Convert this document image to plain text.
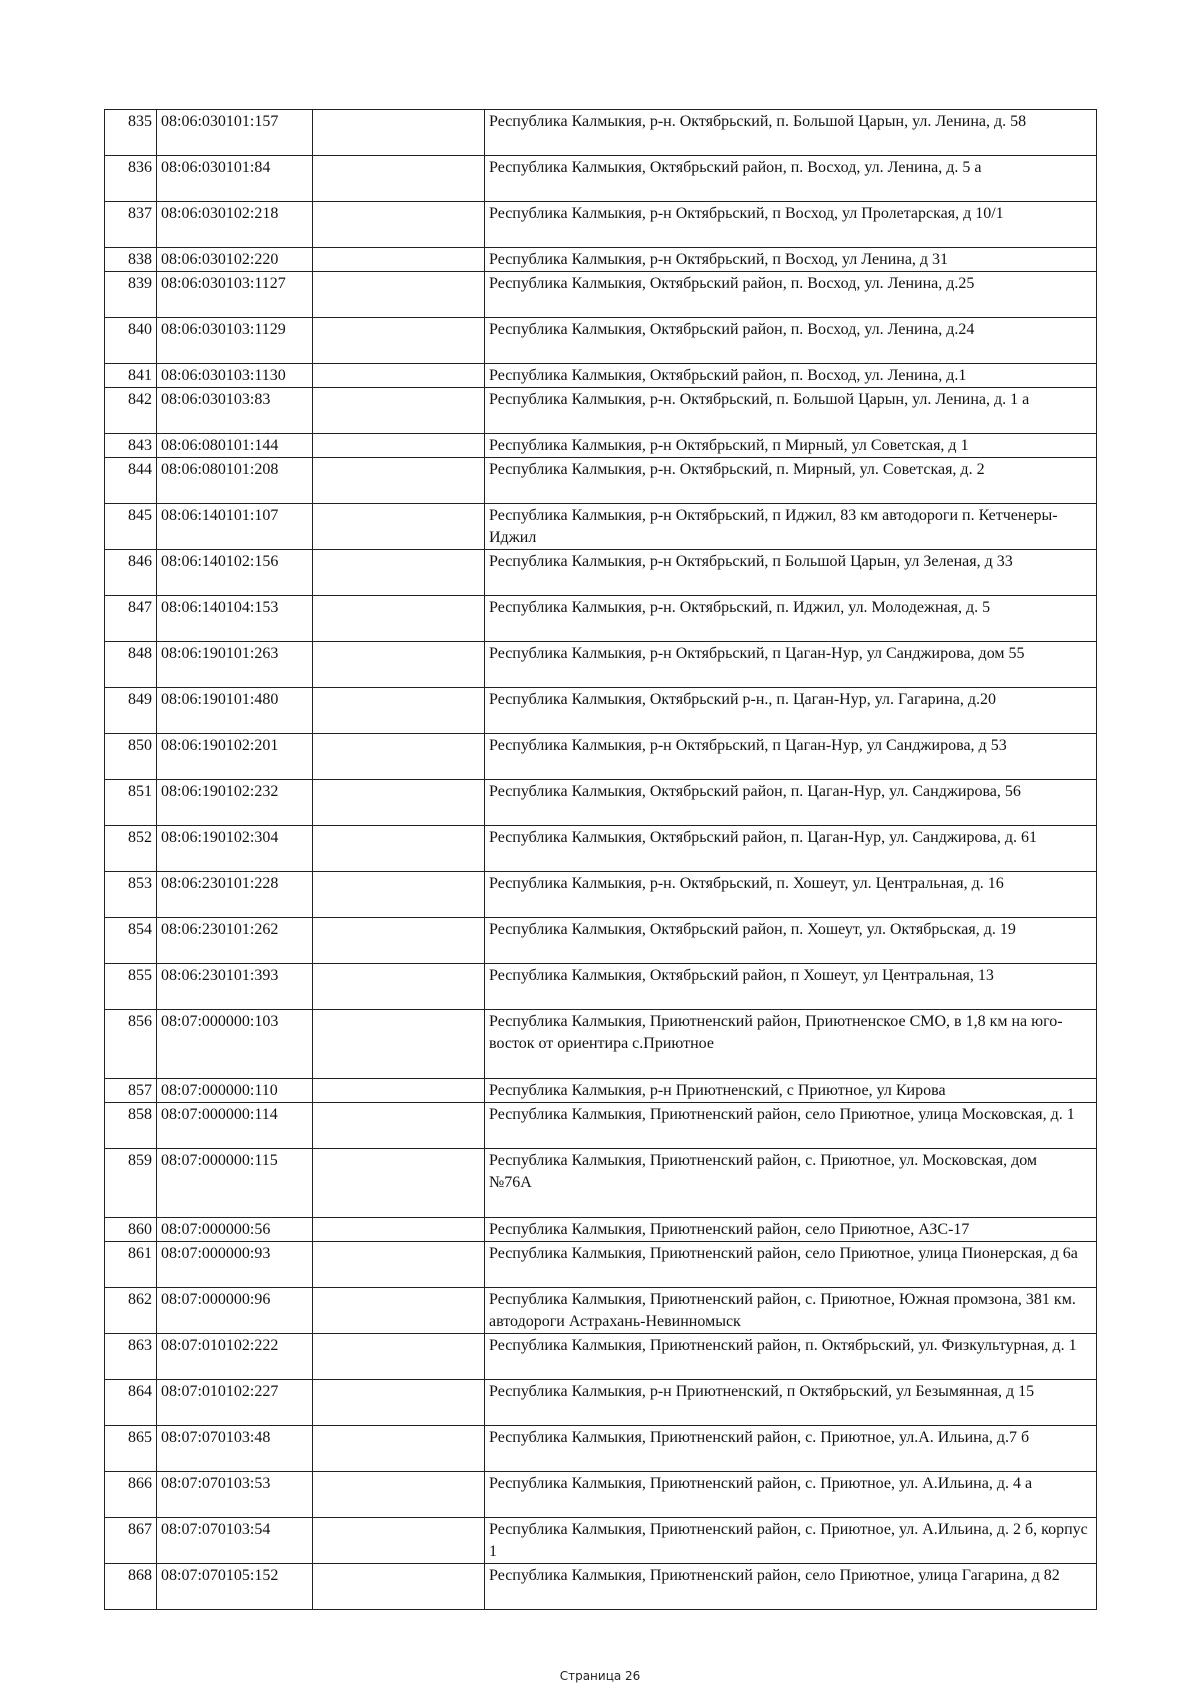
835	08:06:030101:157		Республика Калмыкия, р-н. Октябрьский, п. Большой Царын, ул. Ленина, д. 58
836	08:06:030101:84		Республика Калмыкия, Октябрьский район, п. Восход, ул. Ленина, д. 5 а
837	08:06:030102:218		Республика Калмыкия, р-н Октябрьский, п Восход, ул Пролетарская, д 10/1
838	08:06:030102:220		Республика Калмыкия, р-н Октябрьский, п Восход, ул Ленина, д 31
839	08:06:030103:1127		Республика Калмыкия, Октябрьский район, п. Восход, ул. Ленина, д.25
840	08:06:030103:1129		Республика Калмыкия, Октябрьский район, п. Восход, ул. Ленина, д.24
841	08:06:030103:1130		Республика Калмыкия, Октябрьский район, п. Восход, ул. Ленина, д.1
842	08:06:030103:83		Республика Калмыкия, р-н. Октябрьский, п. Большой Царын, ул. Ленина, д. 1 а
843	08:06:080101:144		Республика Калмыкия, р-н Октябрьский, п Мирный, ул Советская, д 1
844	08:06:080101:208		Республика Калмыкия, р-н. Октябрьский, п. Мирный, ул. Советская, д. 2
845	08:06:140101:107		Республика Калмыкия, р-н Октябрьский, п Иджил, 83 км автодороги п. Кетченеры-Иджил
846	08:06:140102:156		Республика Калмыкия, р-н Октябрьский, п Большой Царын, ул Зеленая, д 33
847	08:06:140104:153		Республика Калмыкия, р-н. Октябрьский, п. Иджил, ул. Молодежная, д. 5
848	08:06:190101:263		Республика Калмыкия, р-н Октябрьский, п Цаган-Нур, ул Санджирова, дом 55
849	08:06:190101:480		Республика Калмыкия, Октябрьский р-н., п. Цаган-Нур, ул. Гагарина, д.20
850	08:06:190102:201		Республика Калмыкия, р-н Октябрьский, п Цаган-Нур, ул Санджирова, д 53
851	08:06:190102:232		Республика Калмыкия, Октябрьский район, п. Цаган-Нур, ул. Санджирова, 56
852	08:06:190102:304		Республика Калмыкия, Октябрьский район, п. Цаган-Нур, ул. Санджирова, д. 61
853	08:06:230101:228		Республика Калмыкия, р-н. Октябрьский, п. Хошеут, ул. Центральная, д. 16
854	08:06:230101:262		Республика Калмыкия, Октябрьский район, п. Хошеут, ул. Октябрьская, д. 19
855	08:06:230101:393		Республика Калмыкия, Октябрьский район, п Хошеут, ул Центральная, 13
856	08:07:000000:103		Республика Калмыкия, Приютненский район, Приютненское СМО, в 1,8 км на юго-восток от ориентира с.Приютное
857	08:07:000000:110		Республика Калмыкия, р-н Приютненский, с Приютное, ул Кирова
858	08:07:000000:114		Республика Калмыкия, Приютненский район, село Приютное, улица Московская, д. 1
859	08:07:000000:115		Республика Калмыкия, Приютненский район, с. Приютное, ул. Московская, дом
№76А
860	08:07:000000:56		Республика Калмыкия, Приютненский район, село Приютное, АЗС-17
861	08:07:000000:93		Республика Калмыкия, Приютненский район, село Приютное, улица Пионерская, д 6а
862	08:07:000000:96		Республика Калмыкия, Приютненский район, с. Приютное, Южная промзона, 381 км. автодороги Астрахань-Невинномыск
863	08:07:010102:222		Республика Калмыкия, Приютненский район, п. Октябрьский, ул. Физкультурная, д. 1
864	08:07:010102:227		Республика Калмыкия, р-н Приютненский, п Октябрьский, ул Безымянная, д 15
865	08:07:070103:48		Республика Калмыкия, Приютненский район, с. Приютное, ул.А. Ильина, д.7 б
866	08:07:070103:53		Республика Калмыкия, Приютненский район, с. Приютное, ул. А.Ильина, д. 4 а
867	08:07:070103:54		Республика Калмыкия, Приютненский район, с. Приютное, ул. А.Ильина, д. 2 б, корпус 1
868	08:07:070105:152		Республика Калмыкия, Приютненский район, село Приютное, улица Гагарина, д 82
Страница 26
